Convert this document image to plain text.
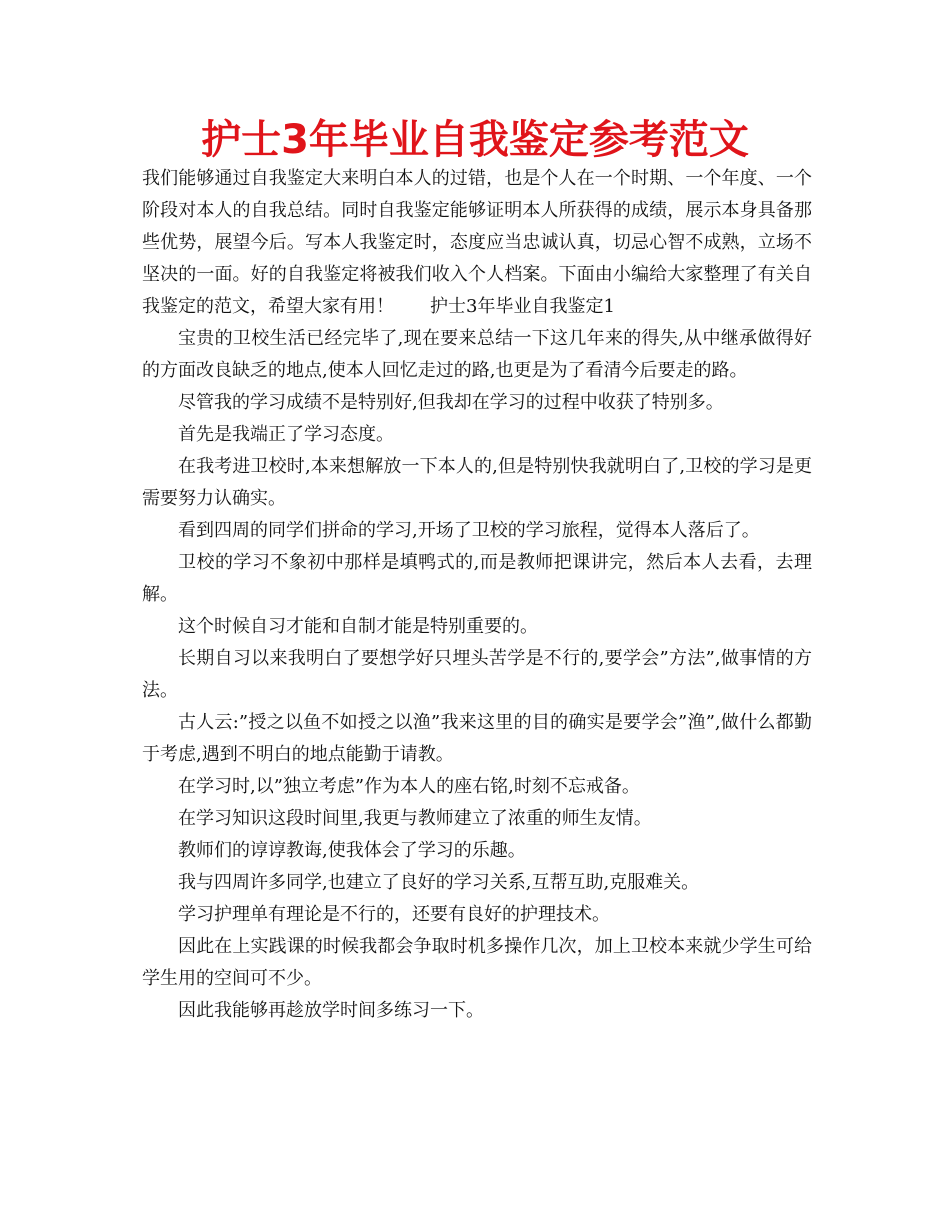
护士3年毕业自我鉴定参考范文

我们能够通过自我鉴定大来明白本人的过错，也是个人在一个时期、一个年度、一个阶段对本人的自我总结。同时自我鉴定能够证明本人所获得的成绩，展示本身具备那些优势，展望今后。写本人我鉴定时，态度应当忠诚认真，切忌心智不成熟，立场不坚决的一面。好的自我鉴定将被我们收入个人档案。下面由小编给大家整理了有关自我鉴定的范文，希望大家有用！ 护士3年毕业自我鉴定1

宝贵的卫校生活已经完毕了,现在要来总结一下这几年来的得失,从中继承做得好的方面改良缺乏的地点,使本人回忆走过的路,也更是为了看清今后要走的路。

尽管我的学习成绩不是特别好,但我却在学习的过程中收获了特别多。

首先是我端正了学习态度。

在我考进卫校时,本来想解放一下本人的,但是特别快我就明白了,卫校的学习是更需要努力认确实。

看到四周的同学们拼命的学习,开场了卫校的学习旅程，觉得本人落后了。

卫校的学习不象初中那样是填鸭式的,而是教师把课讲完，然后本人去看，去理解。

这个时候自习才能和自制才能是特别重要的。

长期自习以来我明白了要想学好只埋头苦学是不行的,要学会”方法”,做事情的方法。

古人云:”授之以鱼不如授之以渔”我来这里的目的确实是要学会”渔”,做什么都勤于考虑,遇到不明白的地点能勤于请教。

在学习时,以”独立考虑”作为本人的座右铭,时刻不忘戒备。

在学习知识这段时间里,我更与教师建立了浓重的师生友情。

教师们的谆谆教诲,使我体会了学习的乐趣。

我与四周许多同学,也建立了良好的学习关系,互帮互助,克服难关。

学习护理单有理论是不行的，还要有良好的护理技术。

因此在上实践课的时候我都会争取时机多操作几次，加上卫校本来就少学生可给学生用的空间可不少。

因此我能够再趁放学时间多练习一下。
